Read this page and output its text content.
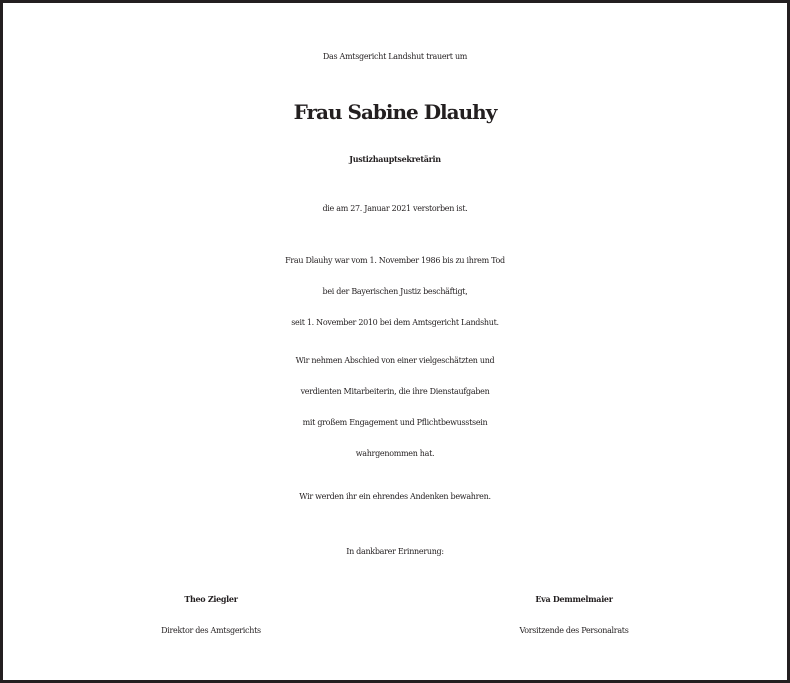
Das Amtsgericht Landshut trauert um
Frau Sabine Dlauhy
Justizhauptsekretärin
die am 27. Januar 2021 verstorben ist.
Frau Dlauhy war vom 1. November 1986 bis zu ihrem Tod
bei der Bayerischen Justiz beschäftigt,
seit 1. November 2010 bei dem Amtsgericht Landshut.
Wir nehmen Abschied von einer vielgeschätzten und
verdienten Mitarbeiterin, die ihre Dienstaufgaben
mit großem Engagement und Pflichtbewusstsein
wahrgenommen hat.
Wir werden ihr ein ehrendes Andenken bewahren.
In dankbarer Erinnerung:
Theo Ziegler
Direktor des Amtsgerichts
Eva Demmelmaier
Vorsitzende des Personalrats
